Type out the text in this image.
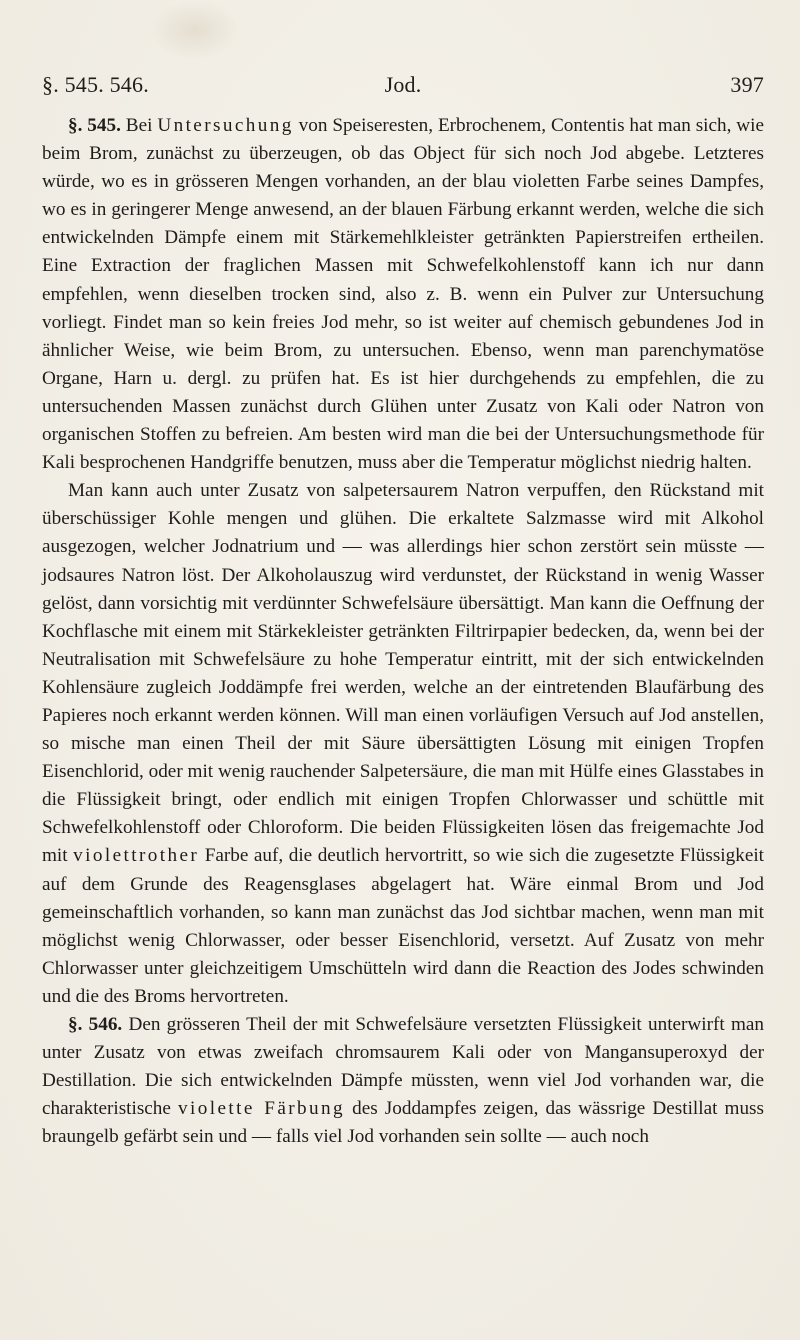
§. 545. 546.	Jod.	397

§. 545. Bei Untersuchung von Speiseresten, Erbrochenem, Contentis hat man sich, wie beim Brom, zunächst zu überzeugen, ob das Object für sich noch Jod abgebe. Letzteres würde, wo es in grösseren Mengen vorhanden, an der blau violetten Farbe seines Dampfes, wo es in geringerer Menge anwesend, an der blauen Färbung erkannt werden, welche die sich entwickelnden Dämpfe einem mit Stärkemehlkleister getränkten Papierstreifen ertheilen. Eine Extraction der fraglichen Massen mit Schwefelkohlenstoff kann ich nur dann empfehlen, wenn dieselben trocken sind, also z. B. wenn ein Pulver zur Untersuchung vorliegt. Findet man so kein freies Jod mehr, so ist weiter auf chemisch gebundenes Jod in ähnlicher Weise, wie beim Brom, zu untersuchen. Ebenso, wenn man parenchymatöse Organe, Harn u. dergl. zu prüfen hat. Es ist hier durchgehends zu empfehlen, die zu untersuchenden Massen zunächst durch Glühen unter Zusatz von Kali oder Natron von organischen Stoffen zu befreien. Am besten wird man die bei der Untersuchungsmethode für Kali besprochenen Handgriffe benutzen, muss aber die Temperatur möglichst niedrig halten.

Man kann auch unter Zusatz von salpetersaurem Natron verpuffen, den Rückstand mit überschüssiger Kohle mengen und glühen. Die erkaltete Salzmasse wird mit Alkohol ausgezogen, welcher Jodnatrium und — was allerdings hier schon zerstört sein müsste — jodsaures Natron löst. Der Alkoholauszug wird verdunstet, der Rückstand in wenig Wasser gelöst, dann vorsichtig mit verdünnter Schwefelsäure übersättigt. Man kann die Oeffnung der Kochflasche mit einem mit Stärkekleister getränkten Filtrirpapier bedecken, da, wenn bei der Neutralisation mit Schwefelsäure zu hohe Temperatur eintritt, mit der sich entwickelnden Kohlensäure zugleich Joddämpfe frei werden, welche an der eintretenden Blaufärbung des Papieres noch erkannt werden können. Will man einen vorläufigen Versuch auf Jod anstellen, so mische man einen Theil der mit Säure übersättigten Lösung mit einigen Tropfen Eisenchlorid, oder mit wenig rauchender Salpetersäure, die man mit Hülfe eines Glasstabes in die Flüssigkeit bringt, oder endlich mit einigen Tropfen Chlorwasser und schüttle mit Schwefelkohlenstoff oder Chloroform. Die beiden Flüssigkeiten lösen das freigemachte Jod mit violettrother Farbe auf, die deutlich hervortritt, so wie sich die zugesetzte Flüssigkeit auf dem Grunde des Reagensglases abgelagert hat. Wäre einmal Brom und Jod gemeinschaftlich vorhanden, so kann man zunächst das Jod sichtbar machen, wenn man mit möglichst wenig Chlorwasser, oder besser Eisenchlorid, versetzt. Auf Zusatz von mehr Chlorwasser unter gleichzeitigem Umschütteln wird dann die Reaction des Jodes schwinden und die des Broms hervortreten.

§. 546. Den grösseren Theil der mit Schwefelsäure versetzten Flüssigkeit unterwirft man unter Zusatz von etwas zweifach chromsaurem Kali oder von Mangansuperoxyd der Destillation. Die sich entwickelnden Dämpfe müssten, wenn viel Jod vorhanden war, die charakteristische violette Färbung des Joddampfes zeigen, das wässrige Destillat muss braungelb gefärbt sein und — falls viel Jod vorhanden sein sollte — auch noch
